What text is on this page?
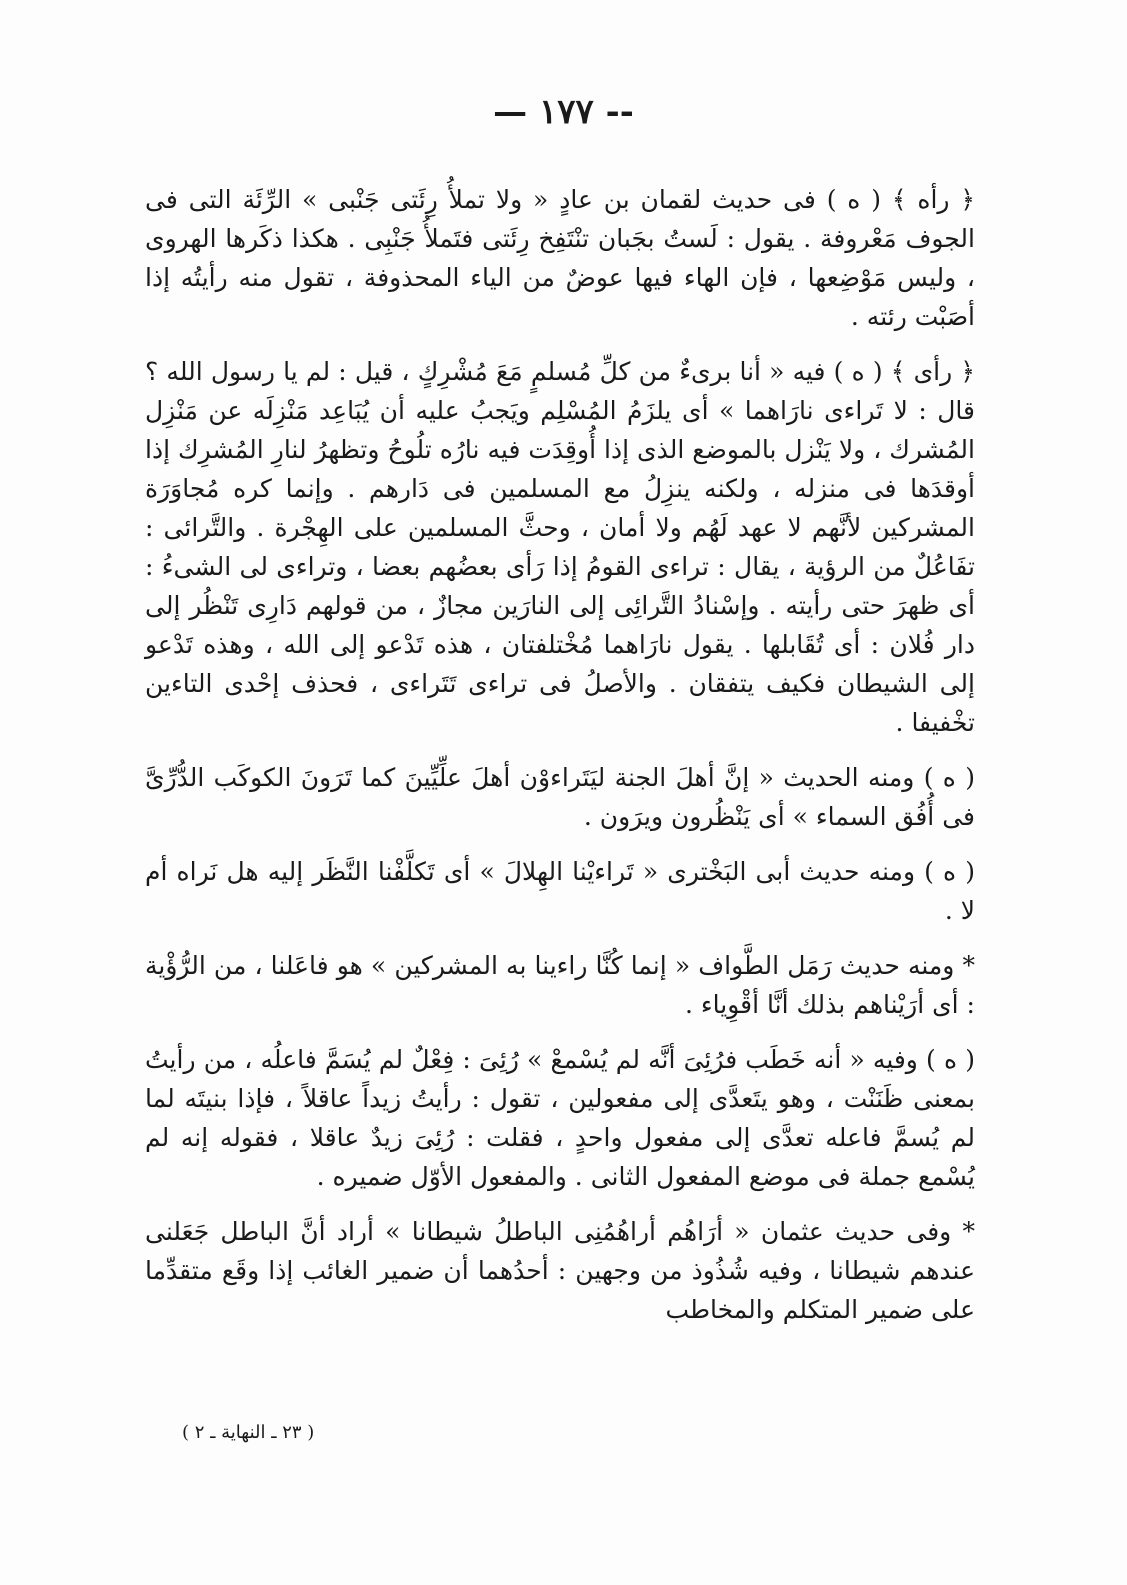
— ١٧٧ --

﴿ رأه ﴾ ( ه ) فى حديث لقمان بن عادٍ « ولا تملأُ رِئَتى جَنْبى » الرِّئَة التى فى الجوف مَعْروفة . يقول : لَستُ بجَبان تنْتَفِخ رِئَتى فتَملأُ جَنْبِى . هكذا ذكَرها الهروى ، وليس مَوْضِعها ، فإن الهاء فيها عوضٌ من الياء المحذوفة ، تقول منه رأيتُه إذا أصَبْت رئته .

﴿ رأى ﴾ ( ه ) فيه « أنا برىءٌ من كلِّ مُسلمٍ مَعَ مُشْرِكٍ ، قيل : لم يا رسول الله ؟ قال : لا تَراءى نارَاهما » أى يلزَمُ المُسْلِم ويَجبُ عليه أن يُبَاعِد مَنْزِلَه عن مَنْزِل المُشرك ، ولا يَنْزل بالموضع الذى إذا أُوقِدَت فيه نارُه تلُوحُ وتظهرُ لنارِ المُشرِك إذا أوقدَها فى منزله ، ولكنه ينزِلُ مع المسلمين فى دَارهم . وإنما كره مُجاوَرَة المشركين لأنَّهم لا عهد لَهُم ولا أمان ، وحثَّ المسلمين على الهِجْرة . والتَّرائى : تفَاعُلٌ من الرؤية ، يقال : تراءى القومُ إذا رَأى بعضُهم بعضا ، وتراءى لى الشىءُ : أى ظهرَ حتى رأيته . وإسْنادُ التَّرائِى إلى النارَين مجازٌ ، من قولهم دَارِى تَنْظُر إلى دار فُلان : أى تُقَابلها . يقول نارَاهما مُخْتلفتان ، هذه تَدْعو إلى الله ، وهذه تَدْعو إلى الشيطان فكيف يتفقان . والأصلُ فى تراءى تَتَراءى ، فحذف إحْدى التاءين تخْفيفا .

( ه ) ومنه الحديث « إنَّ أهلَ الجنة ليَتَراءوْن أهلَ علِّيِّينَ كما تَرَونَ الكوكَب الدُّرِّىَّ فى أُفُق السماء » أى يَنْظُرون ويرَون .

( ه ) ومنه حديث أبى البَخْترى « تَراءيْنا الهِلالَ » أى تَكلَّفْنا النَّظَر إليه هل نَراه أم لا .

* ومنه حديث رَمَل الطَّواف « إنما كُنَّا راءينا به المشركين » هو فاعَلنا ، من الرُّؤْية : أى أرَيْناهم بذلك أنَّا أقْوِياء .

( ه ) وفيه « أنه خَطَب فرُئِىَ أنَّه لم يُسْمعْ » رُئِىَ : فِعْلٌ لم يُسَمَّ فاعلُه ، من رأيتُ بمعنى ظَنَنْت ، وهو يتَعدَّى إلى مفعولين ، تقول : رأيتُ زيداً عاقلاً ، فإذا بنيتَه لما لم يُسمَّ فاعله تعدَّى إلى مفعول واحدٍ ، فقلت : رُئِىَ زيدٌ عاقلا ، فقوله إنه لم يُسْمع جملة فى موضع المفعول الثانى . والمفعول الأوّل ضميره .

* وفى حديث عثمان « أرَاهُم أراهُمُنِى الباطلُ شيطانا » أراد أنَّ الباطل جَعَلنى عندهم شيطانا ، وفيه شُذُوذ من وجهين : أحدُهما أن ضمير الغائب إذا وقَع متقدِّما على ضمير المتكلم والمخاطب

( ٢٣ ـ النهاية ـ ٢ )
